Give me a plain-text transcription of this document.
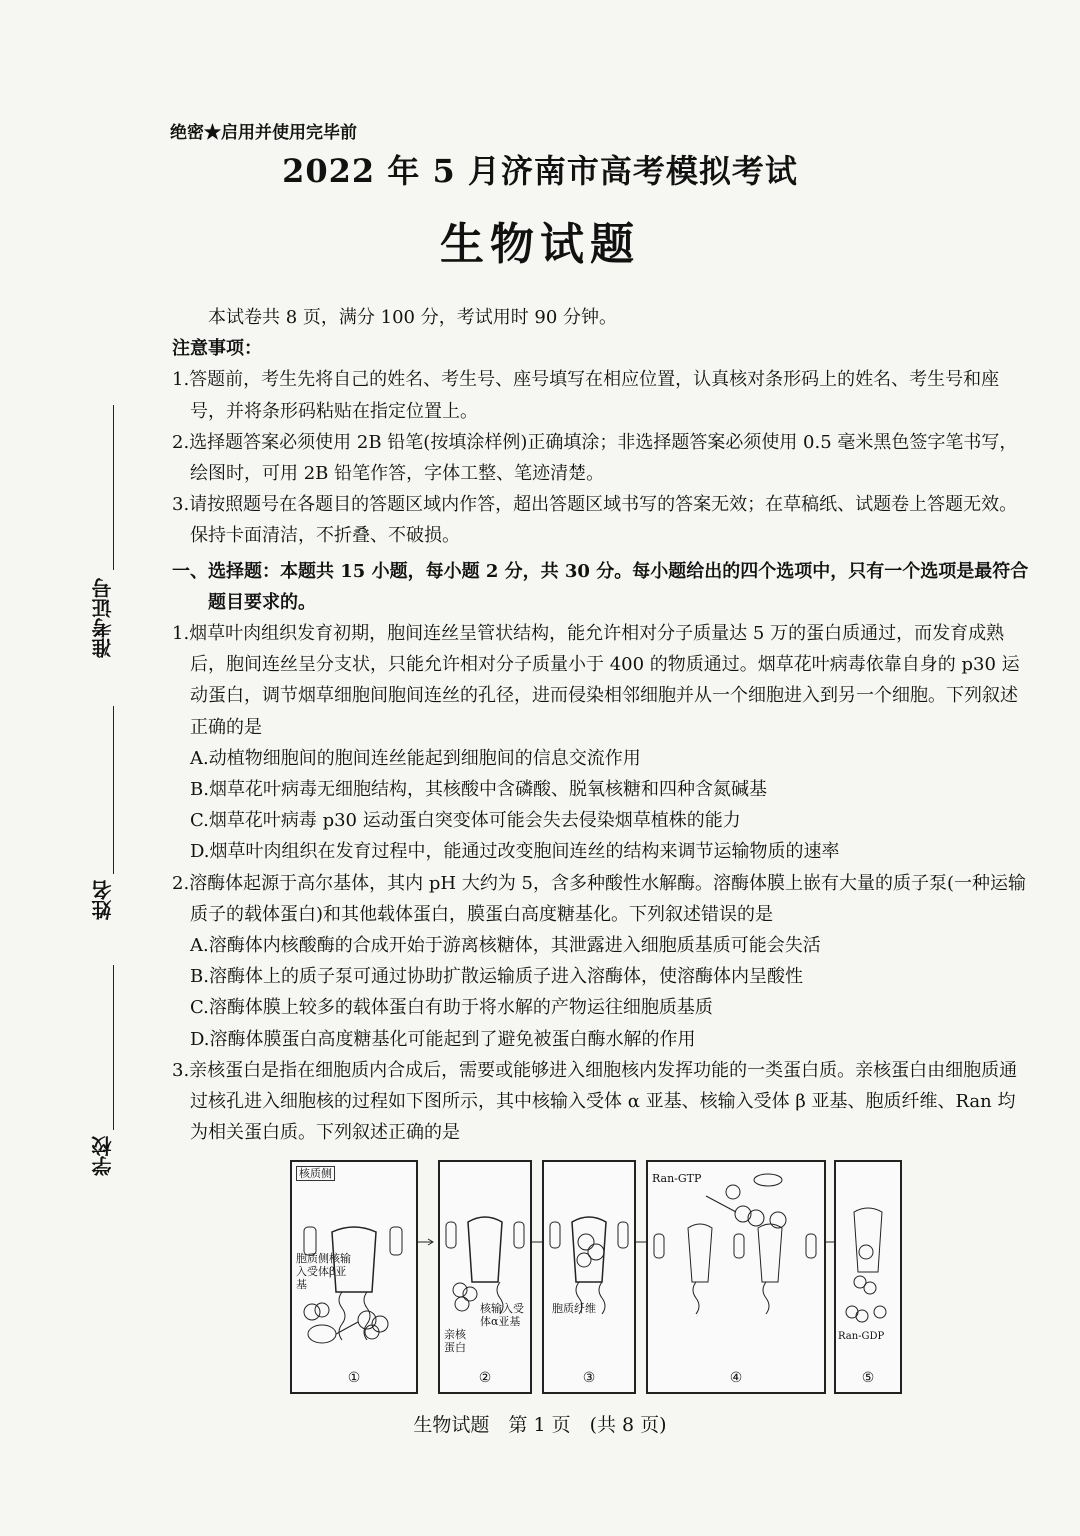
绝密★启用并使用完毕前
2022 年 5 月济南市高考模拟考试
生物试题
准考证号
姓名
学校

本试卷共 8 页，满分 100 分，考试用时 90 分钟。

注意事项：

1.答题前，考生先将自己的姓名、考生号、座号填写在相应位置，认真核对条形码上的姓名、考生号和座号，并将条形码粘贴在指定位置上。

2.选择题答案必须使用 2B 铅笔(按填涂样例)正确填涂；非选择题答案必须使用 0.5 毫米黑色签字笔书写，绘图时，可用 2B 铅笔作答，字体工整、笔迹清楚。

3.请按照题号在各题目的答题区域内作答，超出答题区域书写的答案无效；在草稿纸、试题卷上答题无效。保持卡面清洁，不折叠、不破损。

一、选择题：本题共 15 小题，每小题 2 分，共 30 分。每小题给出的四个选项中，只有一个选项是最符合题目要求的。

1.烟草叶肉组织发育初期，胞间连丝呈管状结构，能允许相对分子质量达 5 万的蛋白质通过，而发育成熟后，胞间连丝呈分支状，只能允许相对分子质量小于 400 的物质通过。烟草花叶病毒依靠自身的 p30 运动蛋白，调节烟草细胞间胞间连丝的孔径，进而侵染相邻细胞并从一个细胞进入到另一个细胞。下列叙述正确的是

A.动植物细胞间的胞间连丝能起到细胞间的信息交流作用

B.烟草花叶病毒无细胞结构，其核酸中含磷酸、脱氧核糖和四种含氮碱基

C.烟草花叶病毒 p30 运动蛋白突变体可能会失去侵染烟草植株的能力

D.烟草叶肉组织在发育过程中，能通过改变胞间连丝的结构来调节运输物质的速率

2.溶酶体起源于高尔基体，其内 pH 大约为 5，含多种酸性水解酶。溶酶体膜上嵌有大量的质子泵(一种运输质子的载体蛋白)和其他载体蛋白，膜蛋白高度糖基化。下列叙述错误的是

A.溶酶体内核酸酶的合成开始于游离核糖体，其泄露进入细胞质基质可能会失活

B.溶酶体上的质子泵可通过协助扩散运输质子进入溶酶体，使溶酶体内呈酸性

C.溶酶体膜上较多的载体蛋白有助于将水解的产物运往细胞质基质

D.溶酶体膜蛋白高度糖基化可能起到了避免被蛋白酶水解的作用

3.亲核蛋白是指在细胞质内合成后，需要或能够进入细胞核内发挥功能的一类蛋白质。亲核蛋白由细胞质通过核孔进入细胞核的过程如下图所示，其中核输入受体 α 亚基、核输入受体 β 亚基、胞质纤维、Ran 均为相关蛋白质。下列叙述正确的是

核质侧
胞质侧核输入受体β亚基
①
亲核蛋白
核输入受体α亚基
②
胞质纤维
③
Ran-GTP
④
Ran-GDP
⑤
生物试题　第 1 页　(共 8 页)
